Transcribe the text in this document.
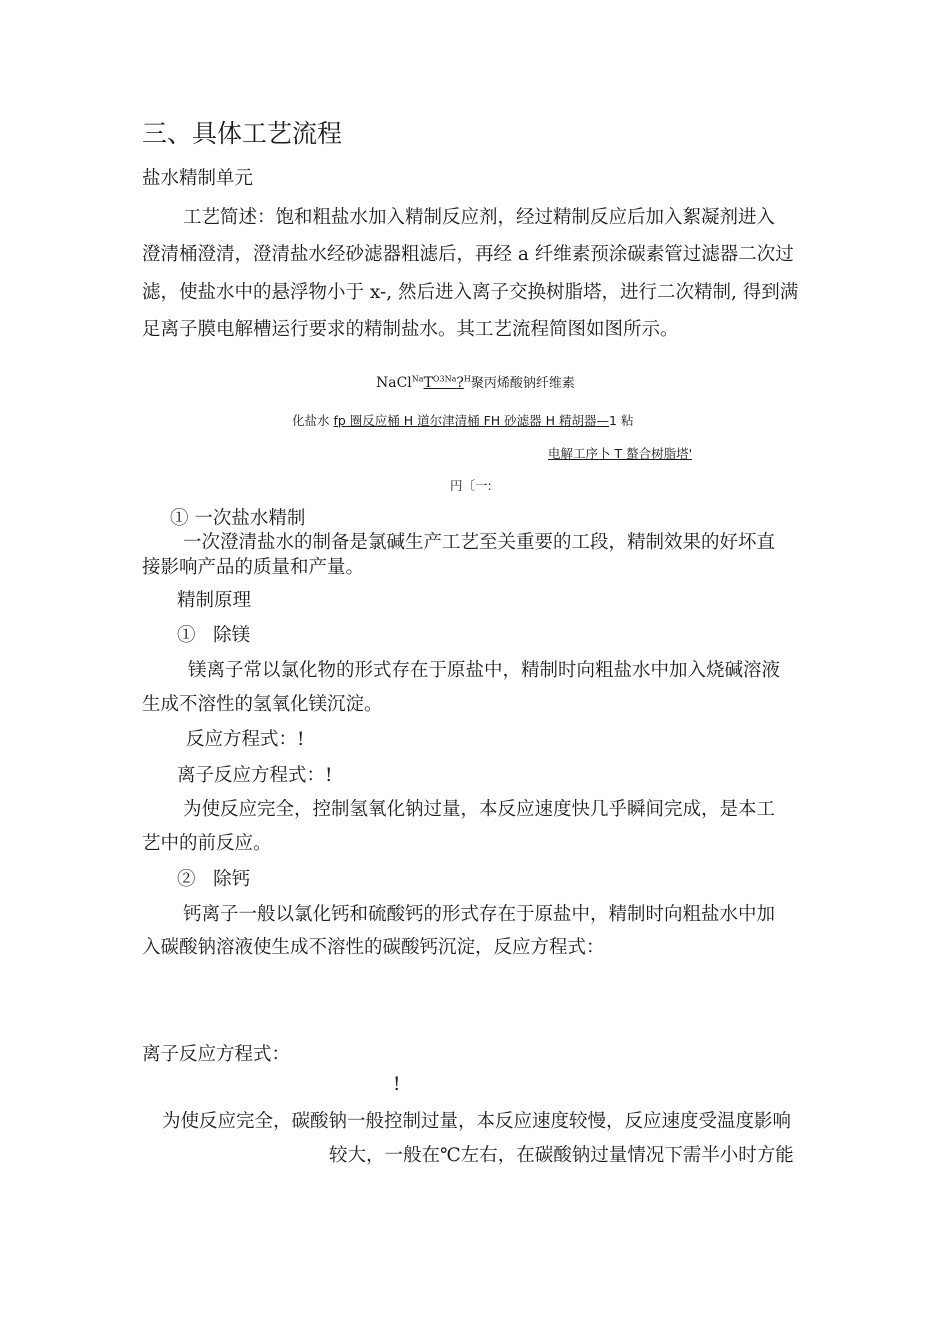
三、具体工艺流程
盐水精制单元
工艺简述：饱和粗盐水加入精制反应剂，经过精制反应后加入絮凝剂进入
澄清桶澄清，澄清盐水经砂滤器粗滤后，再经 a 纤维素预涂碳素管过滤器二次过
滤，使盐水中的悬浮物小于 x-, 然后进入离子交换树脂塔，进行二次精制, 得到满
足离子膜电解槽运行要求的精制盐水。其工艺流程简图如图所示。
$NaCl^{Na}T^{O3Na}?^H$聚丙烯酸钠纤维素
化盐水 fp 圈反应桶 H 道尔津清桶 FH 砂滤器 H 精胡器—1 粘
电解工序卜 T 螯合树脂塔'
円〔一:
① 一次盐水精制
一次澄清盐水的制备是氯碱生产工艺至关重要的工段，精制效果的好坏直
接影响产品的质量和产量。
精制原理
①   除镁
镁离子常以氯化物的形式存在于原盐中，精制时向粗盐水中加入烧碱溶液
生成不溶性的氢氧化镁沉淀。
反应方程式：!
离子反应方程式：!
为使反应完全，控制氢氧化钠过量，本反应速度快几乎瞬间完成，是本工
艺中的前反应。
②   除钙
钙离子一般以氯化钙和硫酸钙的形式存在于原盐中，精制时向粗盐水中加
入碳酸钠溶液使生成不溶性的碳酸钙沉淀，反应方程式：
离子反应方程式：
!
为使反应完全，碳酸钠一般控制过量，本反应速度较慢，反应速度受温度影响
较大，一般在℃左右，在碳酸钠过量情况下需半小时方能
